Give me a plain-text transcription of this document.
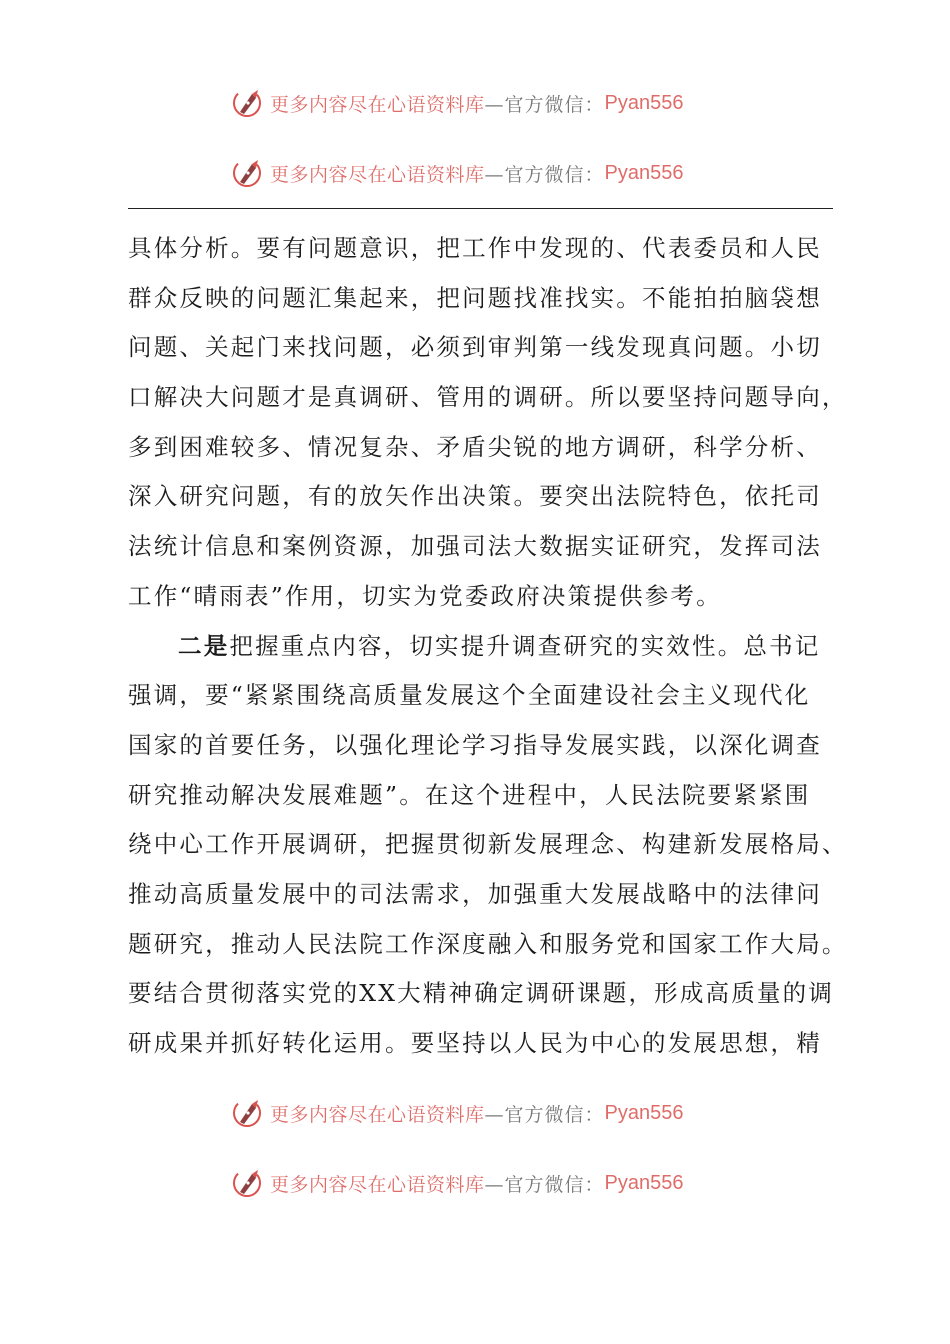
更多内容尽在心语资料库 —官方微信： Pyan556
更多内容尽在心语资料库 —官方微信： Pyan556
具体分析。要有问题意识，把工作中发现的、代表委员和人民
群众反映的问题汇集起来，把问题找准找实。不能拍拍脑袋想
问题、关起门来找问题，必须到审判第一线发现真问题。小切
口解决大问题才是真调研、管用的调研。所以要坚持问题导向，
多到困难较多、情况复杂、矛盾尖锐的地方调研，科学分析、
深入研究问题，有的放矢作出决策。要突出法院特色，依托司
法统计信息和案例资源，加强司法大数据实证研究，发挥司法
工作“晴雨表”作用，切实为党委政府决策提供参考。
二是把握重点内容，切实提升调查研究的实效性。总书记
强调，要“紧紧围绕高质量发展这个全面建设社会主义现代化
国家的首要任务，以强化理论学习指导发展实践，以深化调查
研究推动解决发展难题”。在这个进程中，人民法院要紧紧围
绕中心工作开展调研，把握贯彻新发展理念、构建新发展格局、
推动高质量发展中的司法需求，加强重大发展战略中的法律问
题研究，推动人民法院工作深度融入和服务党和国家工作大局。
要结合贯彻落实党的XX大精神确定调研课题，形成高质量的调
研成果并抓好转化运用。要坚持以人民为中心的发展思想，精
更多内容尽在心语资料库 —官方微信： Pyan556
更多内容尽在心语资料库 —官方微信： Pyan556
